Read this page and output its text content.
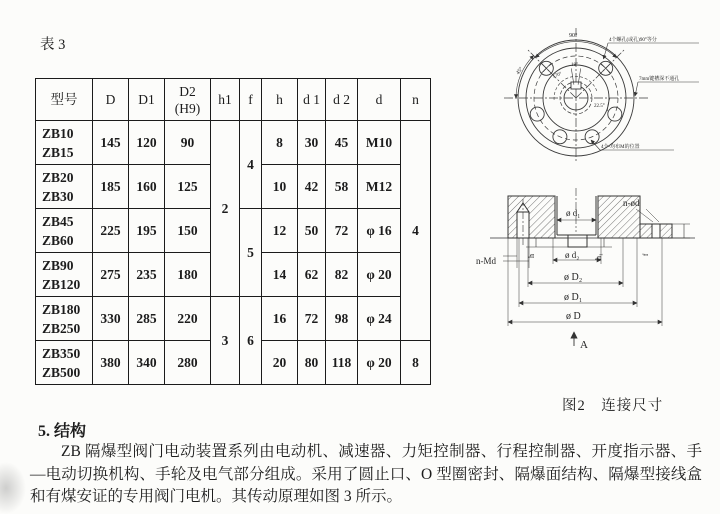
表 3
型号	D	D1	D2
(H9)	h1	f	h	d 1	d 2	d	n

ZB10
ZB15	145	120	90	2	4	8	30	45	M10	4

ZB20
ZB30	185	160	125			10	42	58	M12	

ZB45
ZB60	225	195	150		5	12	50	72	φ 16	

ZB90
ZB120	275	235	180			14	62	82	φ 20	

ZB180
ZB250	330	285	220	3	6	16	72	98	φ 24	

ZB350
ZB500	380	340	280			20	80	118	φ 20	8
90°
45°	170°
18°
22.5°
4个螺孔(或孔)90°等分
7mm键槽深不通孔
4个-均布M的位置
ø d₁
n-ød
n-Md	h	ø d₂ h₁	f
ø D₂
ø D₁
ø D
A
图2　连接尺寸
5. 结构
ZB 隔爆型阀门电动装置系列由电动机、减速器、力矩控制器、行程控制器、开度指示器、手—电动切换机构、手轮及电气部分组成。采用了圆止口、O 型圈密封、隔爆面结构、隔爆型接线盒和有煤安证的专用阀门电机。其传动原理如图 3 所示。
